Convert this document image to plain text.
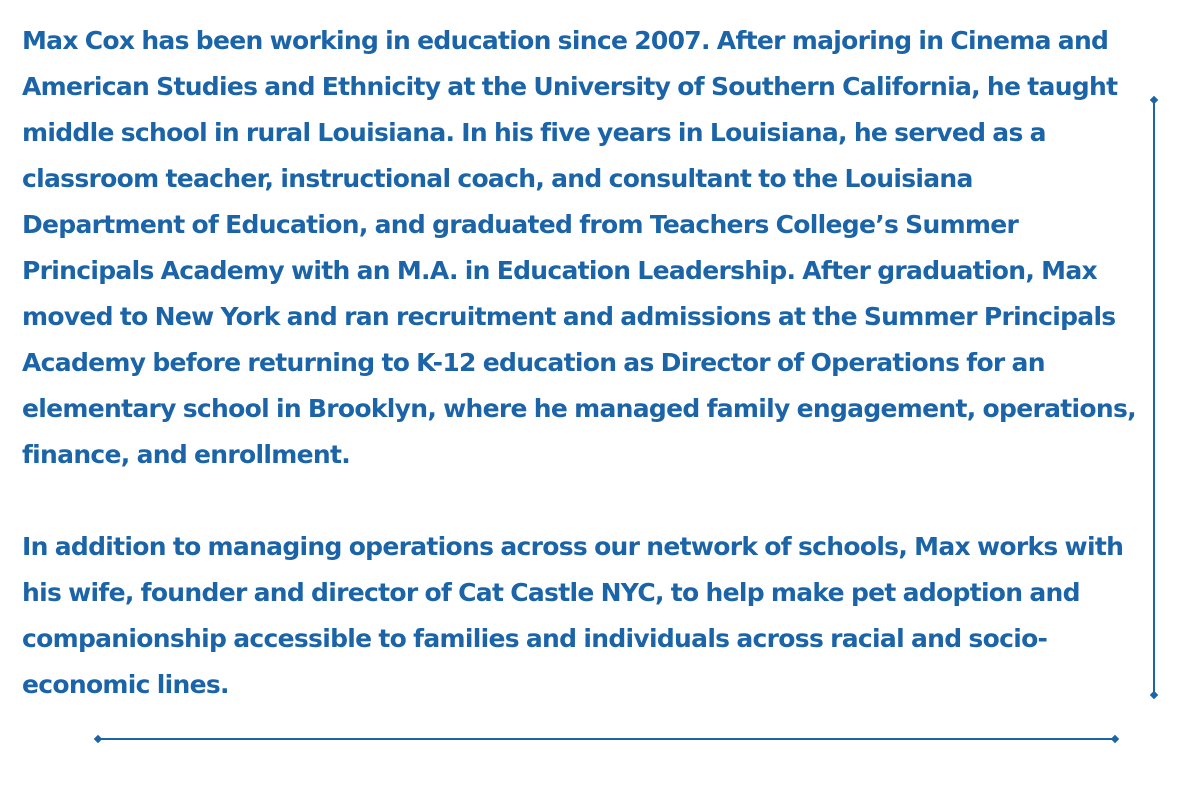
Max Cox has been working in education since 2007. After majoring in Cinema and American Studies and Ethnicity at the University of Southern California, he taught middle school in rural Louisiana. In his five years in Louisiana, he served as a classroom teacher, instructional coach, and consultant to the Louisiana Department of Education, and graduated from Teachers College’s Summer Principals Academy with an M.A. in Education Leadership. After graduation, Max moved to New York and ran recruitment and admissions at the Summer Principals Academy before returning to K-12 education as Director of Operations for an elementary school in Brooklyn, where he managed family engagement, operations, finance, and enrollment.

In addition to managing operations across our network of schools, Max works with his wife, founder and director of Cat Castle NYC, to help make pet adoption and companionship accessible to families and individuals across racial and socio-economic lines.
